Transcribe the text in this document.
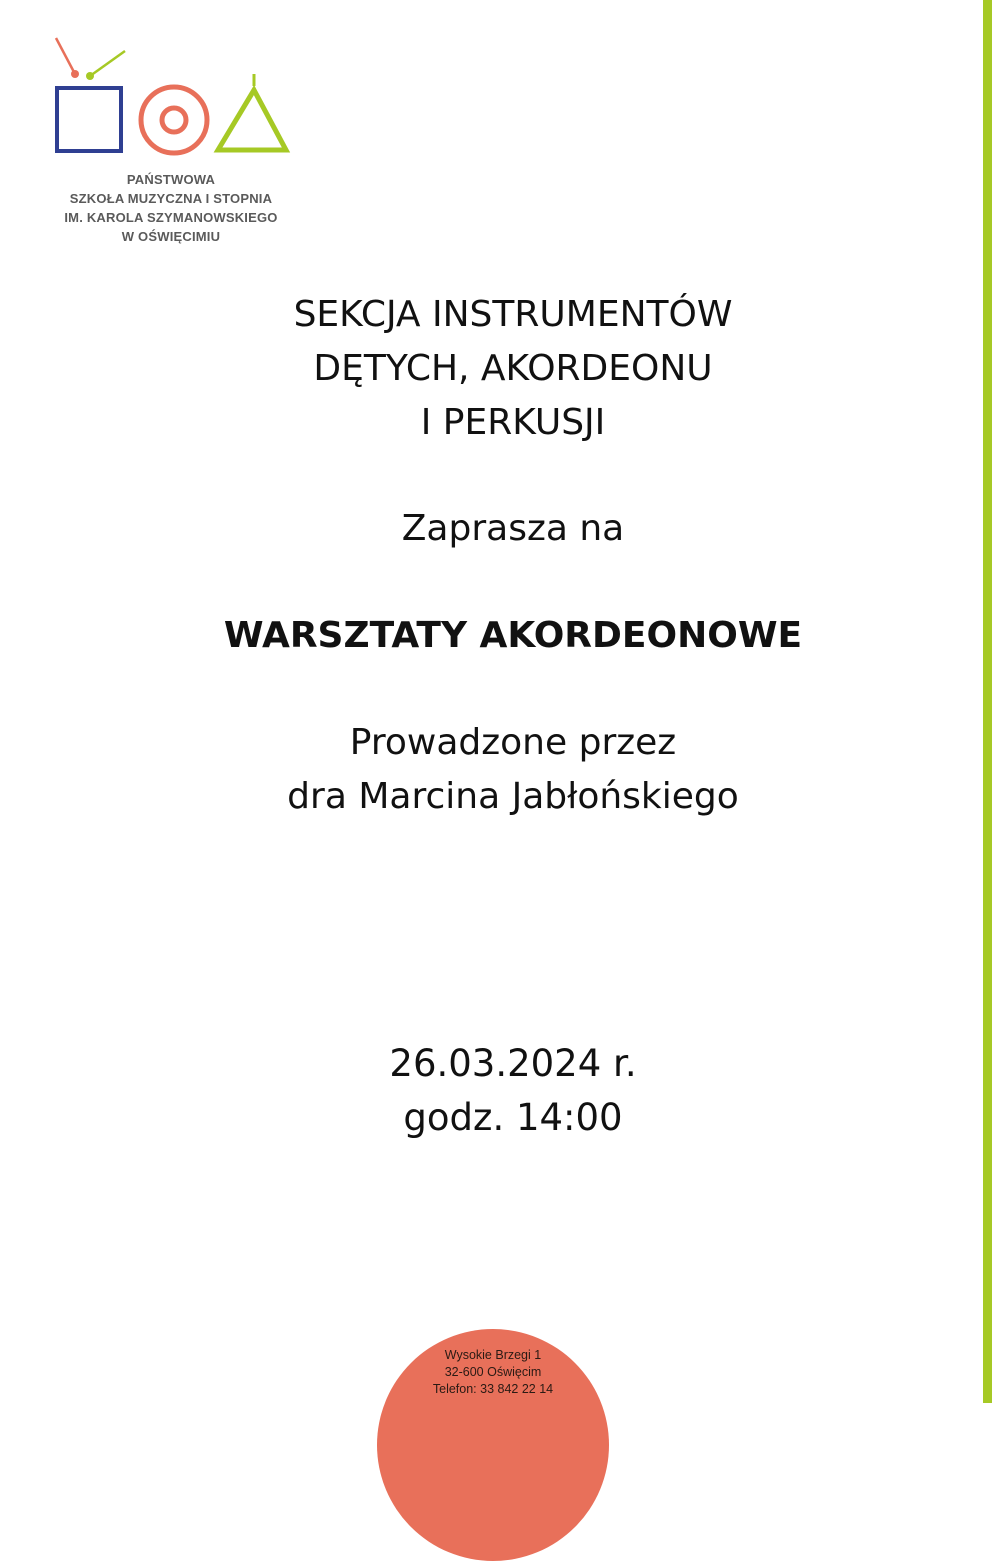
PAŃSTWOWA
SZKOŁA MUZYCZNA I STOPNIA
IM. KAROLA SZYMANOWSKIEGO
W OŚWIĘCIMIU
SEKCJA INSTRUMENTÓW
DĘTYCH, AKORDEONU
I PERKUSJI
Zaprasza na
WARSZTATY AKORDEONOWE
Prowadzone przez
dra Marcina Jabłońskiego
26.03.2024 r.
godz. 14:00
Wysokie Brzegi 1
32-600 Oświęcim
Telefon: 33 842 22 14
